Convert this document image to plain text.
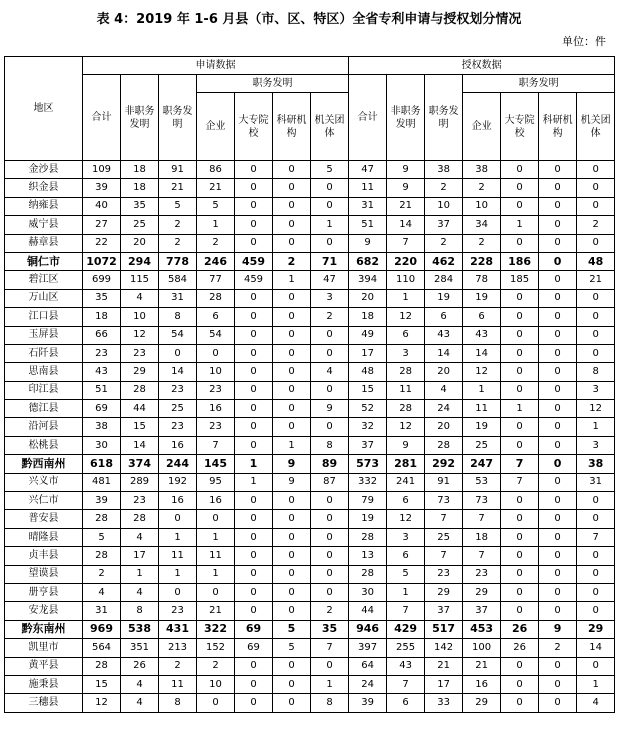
表 4：2019 年 1-6 月县（市、区、特区）全省专利申请与授权划分情况
单位：件
地区	申请数据							授权数据						
	合计	非职务发明	职务发明	职务发明				合计	非职务发明	职务发明	职务发明			
				企业	大专院校	科研机构	机关团体				企业	大专院校	科研机构	机关团体
金沙县	109	18	91	86	0	0	5	47	9	38	38	0	0	0
织金县	39	18	21	21	0	0	0	11	9	2	2	0	0	0
纳雍县	40	35	5	5	0	0	0	31	21	10	10	0	0	0
威宁县	27	25	2	1	0	0	1	51	14	37	34	1	0	2
赫章县	22	20	2	2	0	0	0	9	7	2	2	0	0	0
铜仁市	1072	294	778	246	459	2	71	682	220	462	228	186	0	48
碧江区	699	115	584	77	459	1	47	394	110	284	78	185	0	21
万山区	35	4	31	28	0	0	3	20	1	19	19	0	0	0
江口县	18	10	8	6	0	0	2	18	12	6	6	0	0	0
玉屏县	66	12	54	54	0	0	0	49	6	43	43	0	0	0
石阡县	23	23	0	0	0	0	0	17	3	14	14	0	0	0
思南县	43	29	14	10	0	0	4	48	28	20	12	0	0	8
印江县	51	28	23	23	0	0	0	15	11	4	1	0	0	3
德江县	69	44	25	16	0	0	9	52	28	24	11	1	0	12
沿河县	38	15	23	23	0	0	0	32	12	20	19	0	0	1
松桃县	30	14	16	7	0	1	8	37	9	28	25	0	0	3
黔西南州	618	374	244	145	1	9	89	573	281	292	247	7	0	38
兴义市	481	289	192	95	1	9	87	332	241	91	53	7	0	31
兴仁市	39	23	16	16	0	0	0	79	6	73	73	0	0	0
普安县	28	28	0	0	0	0	0	19	12	7	7	0	0	0
晴隆县	5	4	1	1	0	0	0	28	3	25	18	0	0	7
贞丰县	28	17	11	11	0	0	0	13	6	7	7	0	0	0
望谟县	2	1	1	1	0	0	0	28	5	23	23	0	0	0
册亨县	4	4	0	0	0	0	0	30	1	29	29	0	0	0
安龙县	31	8	23	21	0	0	2	44	7	37	37	0	0	0
黔东南州	969	538	431	322	69	5	35	946	429	517	453	26	9	29
凯里市	564	351	213	152	69	5	7	397	255	142	100	26	2	14
黄平县	28	26	2	2	0	0	0	64	43	21	21	0	0	0
施秉县	15	4	11	10	0	0	1	24	7	17	16	0	0	1
三穗县	12	4	8	0	0	0	8	39	6	33	29	0	0	4
